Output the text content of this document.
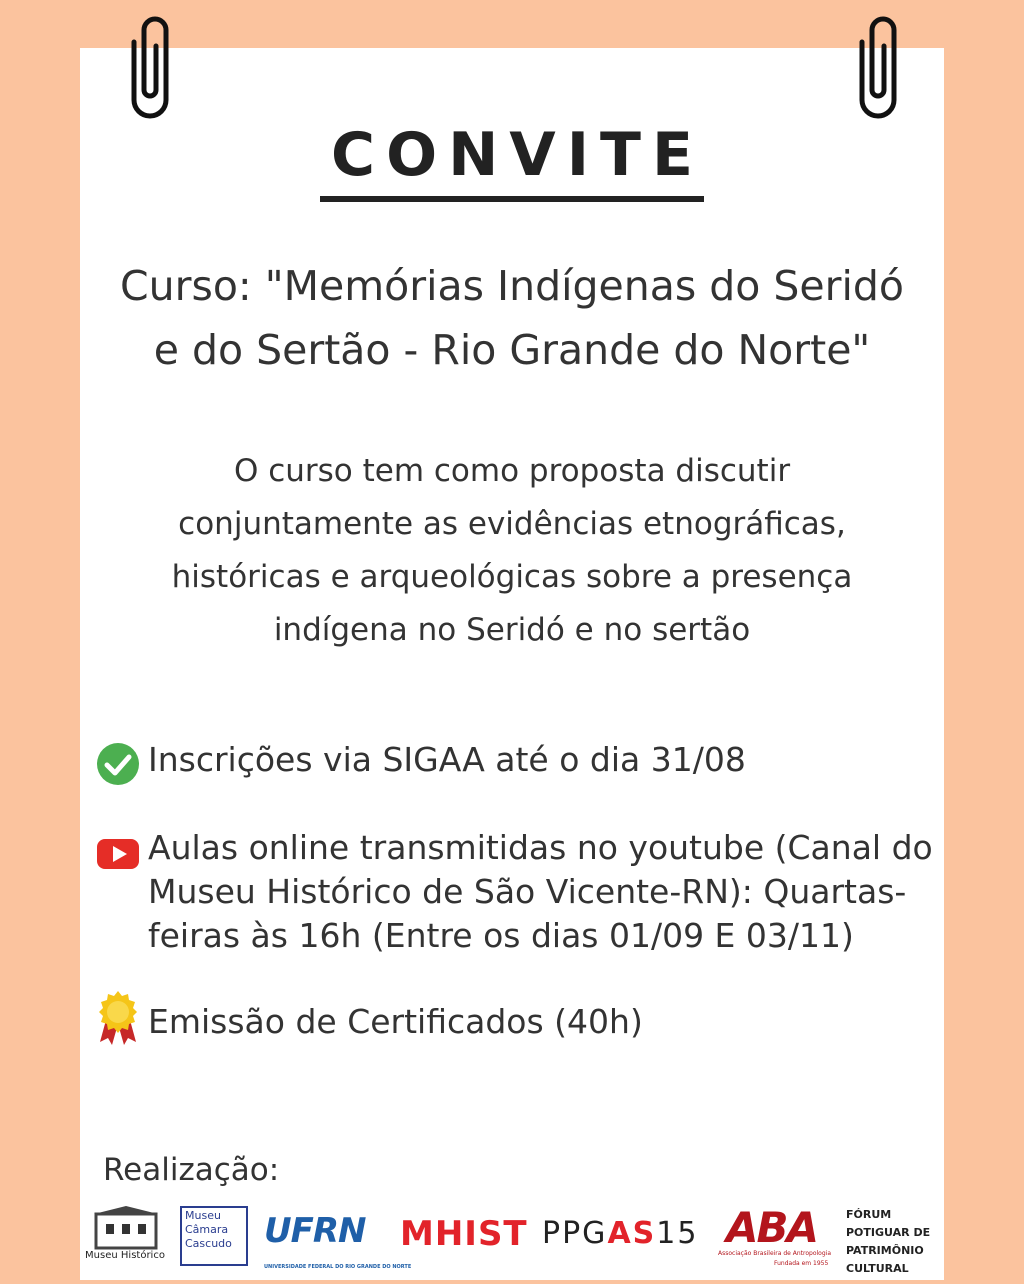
CONVITE
Curso: "Memórias Indígenas do Seridó
e do Sertão - Rio Grande do Norte"
O curso tem como proposta discutir
conjuntamente as evidências etnográficas,
históricas e arqueológicas sobre a presença
indígena no Seridó e no sertão
Inscrições via SIGAA até o dia 31/08
Aulas online transmitidas no youtube (Canal do
Museu Histórico de São Vicente-RN): Quartas-
feiras às 16h (Entre os dias 01/09 E 03/11)
Emissão de Certificados (40h)
Realização:
Museu Histórico
Museu
Câmara
Cascudo UFRN
UNIVERSIDADE FEDERAL DO RIO GRANDE DO NORTE
MHIST PPGAS15 ABA
Associação Brasileira de Antropologia
Fundada em 1955
FÓRUM
POTIGUAR DE
PATRIMÔNIO
CULTURAL
